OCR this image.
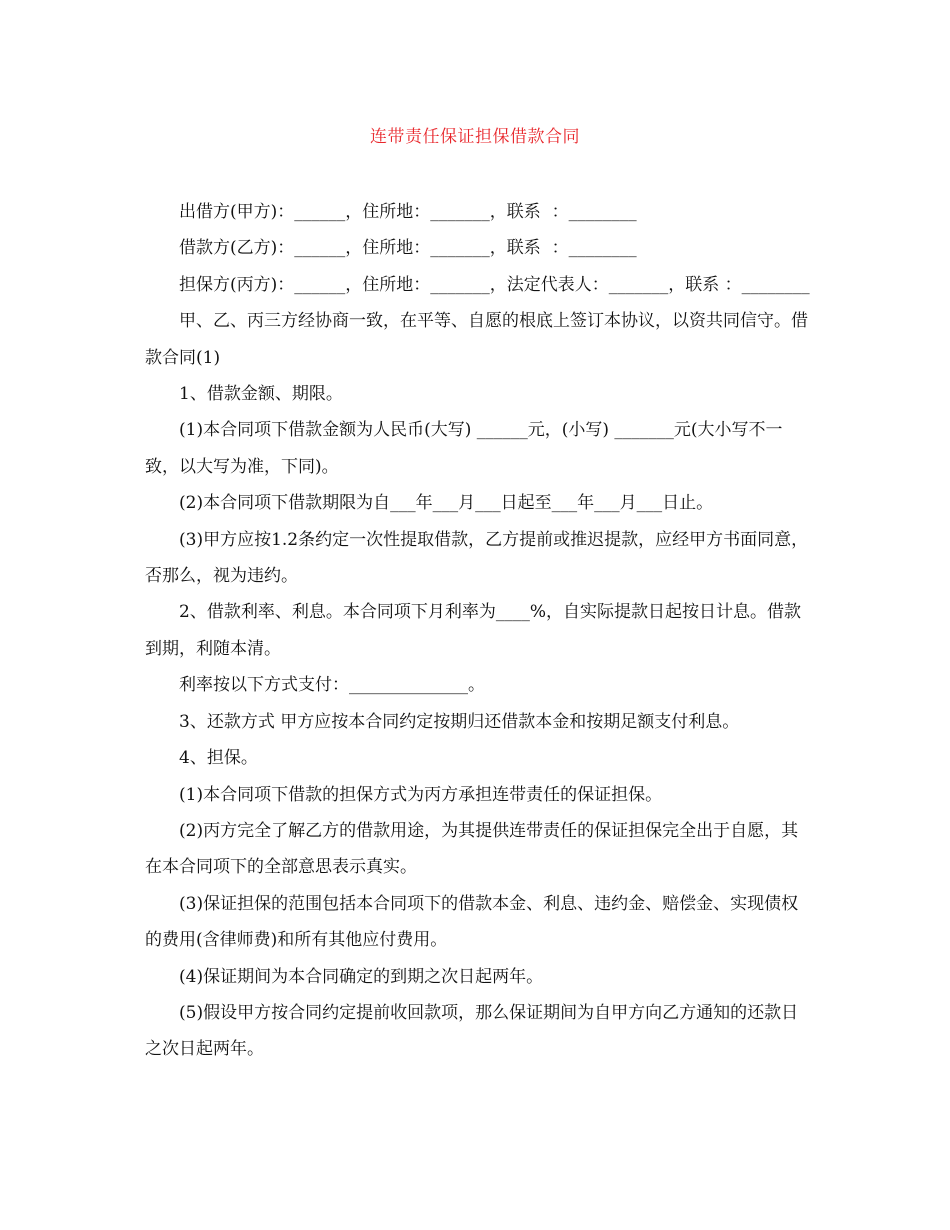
连带责任保证担保借款合同

出借方(甲方)：______，住所地：_______，联系  ：________

借款方(乙方)：______，住所地：_______，联系  ：________

担保方(丙方)：______，住所地：_______，法定代表人：_______，联系 ：________

甲、乙、丙三方经协商一致，在平等、自愿的根底上签订本协议，以资共同信守。借款合同(1)

1、借款金额、期限。

(1)本合同项下借款金额为人民币(大写) ______元，(小写) _______元(大小写不一致，以大写为准，下同)。

(2)本合同项下借款期限为自___年___月___日起至___年___月___日止。

(3)甲方应按1.2条约定一次性提取借款，乙方提前或推迟提款，应经甲方书面同意，否那么，视为违约。

2、借款利率、利息。本合同项下月利率为____%，自实际提款日起按日计息。借款到期，利随本清。

利率按以下方式支付：______________。

3、还款方式 甲方应按本合同约定按期归还借款本金和按期足额支付利息。

4、担保。

(1)本合同项下借款的担保方式为丙方承担连带责任的保证担保。

(2)丙方完全了解乙方的借款用途，为其提供连带责任的保证担保完全出于自愿，其在本合同项下的全部意思表示真实。

(3)保证担保的范围包括本合同项下的借款本金、利息、违约金、赔偿金、实现债权的费用(含律师费)和所有其他应付费用。

(4)保证期间为本合同确定的到期之次日起两年。

(5)假设甲方按合同约定提前收回款项，那么保证期间为自甲方向乙方通知的还款日之次日起两年。
